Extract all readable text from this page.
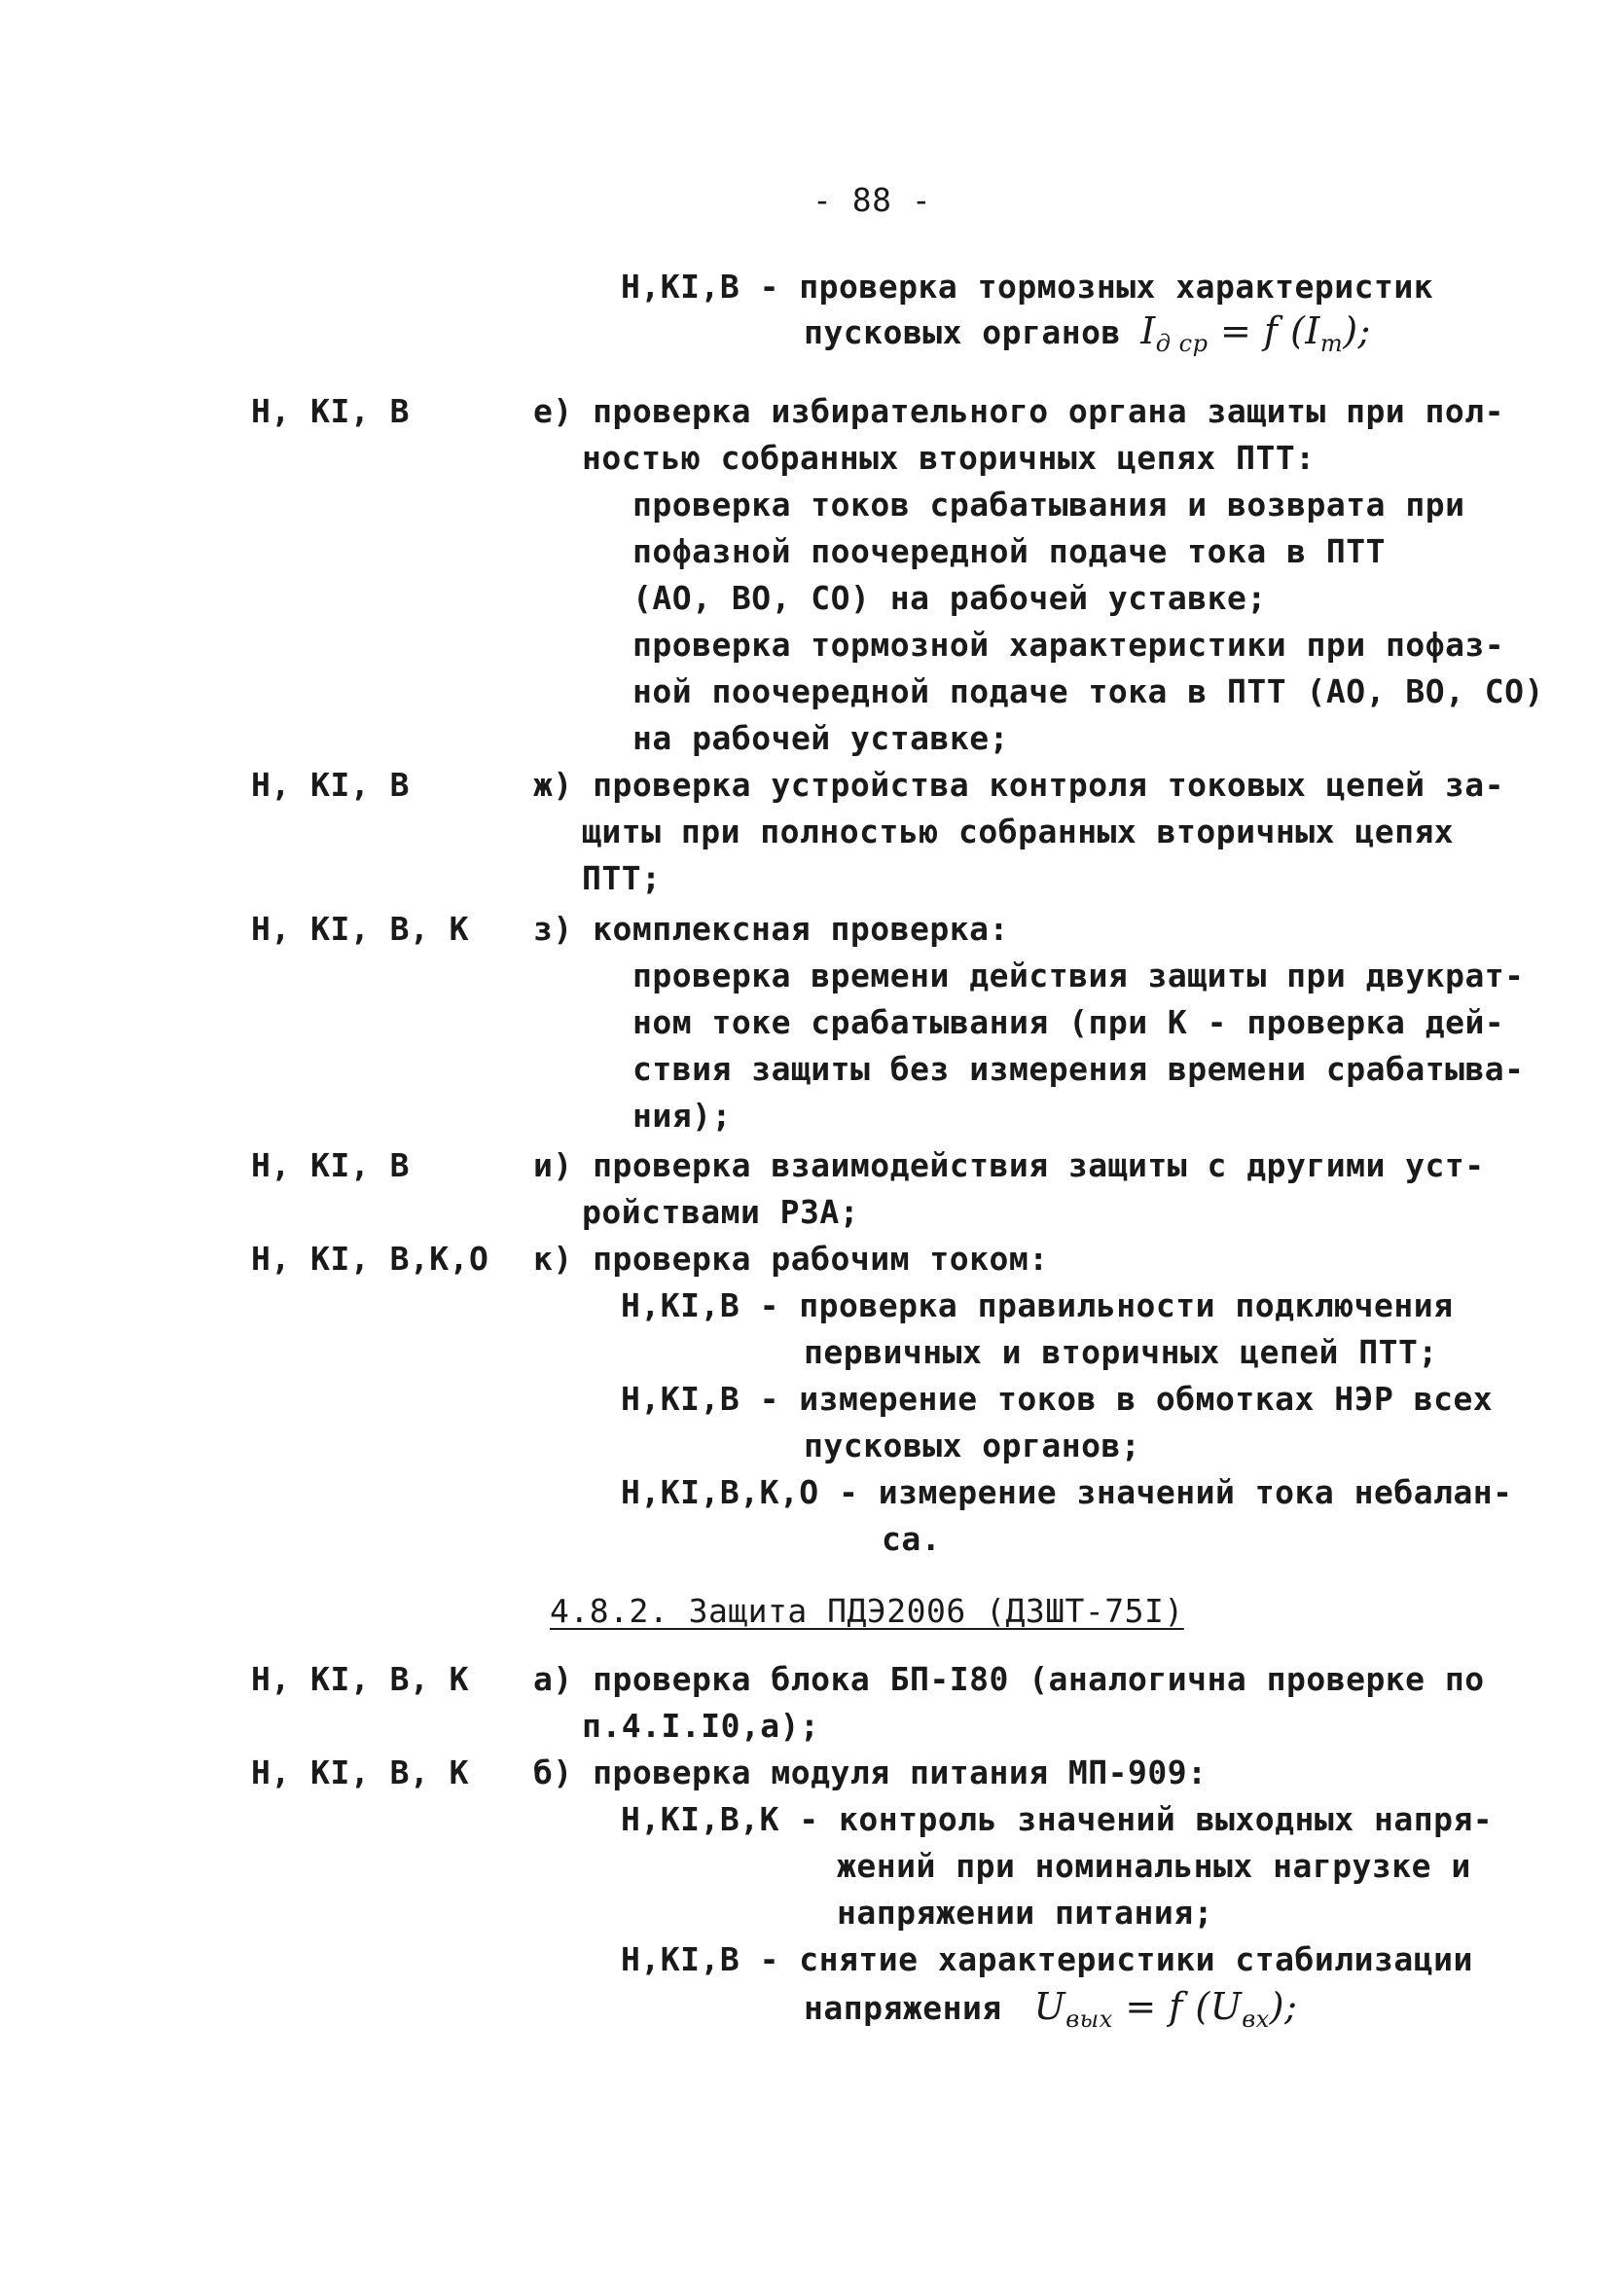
- 88 -
Н,КI,В - проверка тормозных характеристик
пусковых органов $I_{д ср} = f$ $(I_т)$;
Н, КI, В	е) проверка избирательного органа защиты при пол-
ностью собранных вторичных цепях ПТТ:
проверка токов срабатывания и возврата при
пофазной поочередной подаче тока в ПТТ
(АО, ВО, СО) на рабочей уставке;
проверка тормозной характеристики при пофаз-
ной поочередной подаче тока в ПТТ (АО, ВО, СО)
на рабочей уставке;
Н, КI, В	ж) проверка устройства контроля токовых цепей за-
щиты при полностью собранных вторичных цепях
ПТТ;
Н, КI, В, К з) комплексная проверка:
проверка времени действия защиты при двукрат-
ном токе срабатывания (при К - проверка дей-
ствия защиты без измерения времени срабатыва-
ния);
Н, КI, В	и) проверка взаимодействия защиты с другими уст-
ройствами РЗА;
Н, КI, В,К,О к) проверка рабочим током:
Н,КI,В - проверка правильности подключения
первичных и вторичных цепей ПТТ;
Н,КI,В - измерение токов в обмотках НЭР всех
пусковых органов;
Н,КI,В,К,О - измерение значений тока небалан-
са.
4.8.2. Защита ПДЭ2006 (ДЗШТ-75I)
Н, КI, В, К а) проверка блока БП-I80 (аналогична проверке по
п.4.I.I0,а);
Н, КI, В, К б) проверка модуля питания МП-909:
Н,КI,В,К - контроль значений выходных напря-
жений при номинальных нагрузке и
напряжении питания;
Н,КI,В - снятие характеристики стабилизации
напряжения $U_{вых} = f$ $(U_{вх})$;
